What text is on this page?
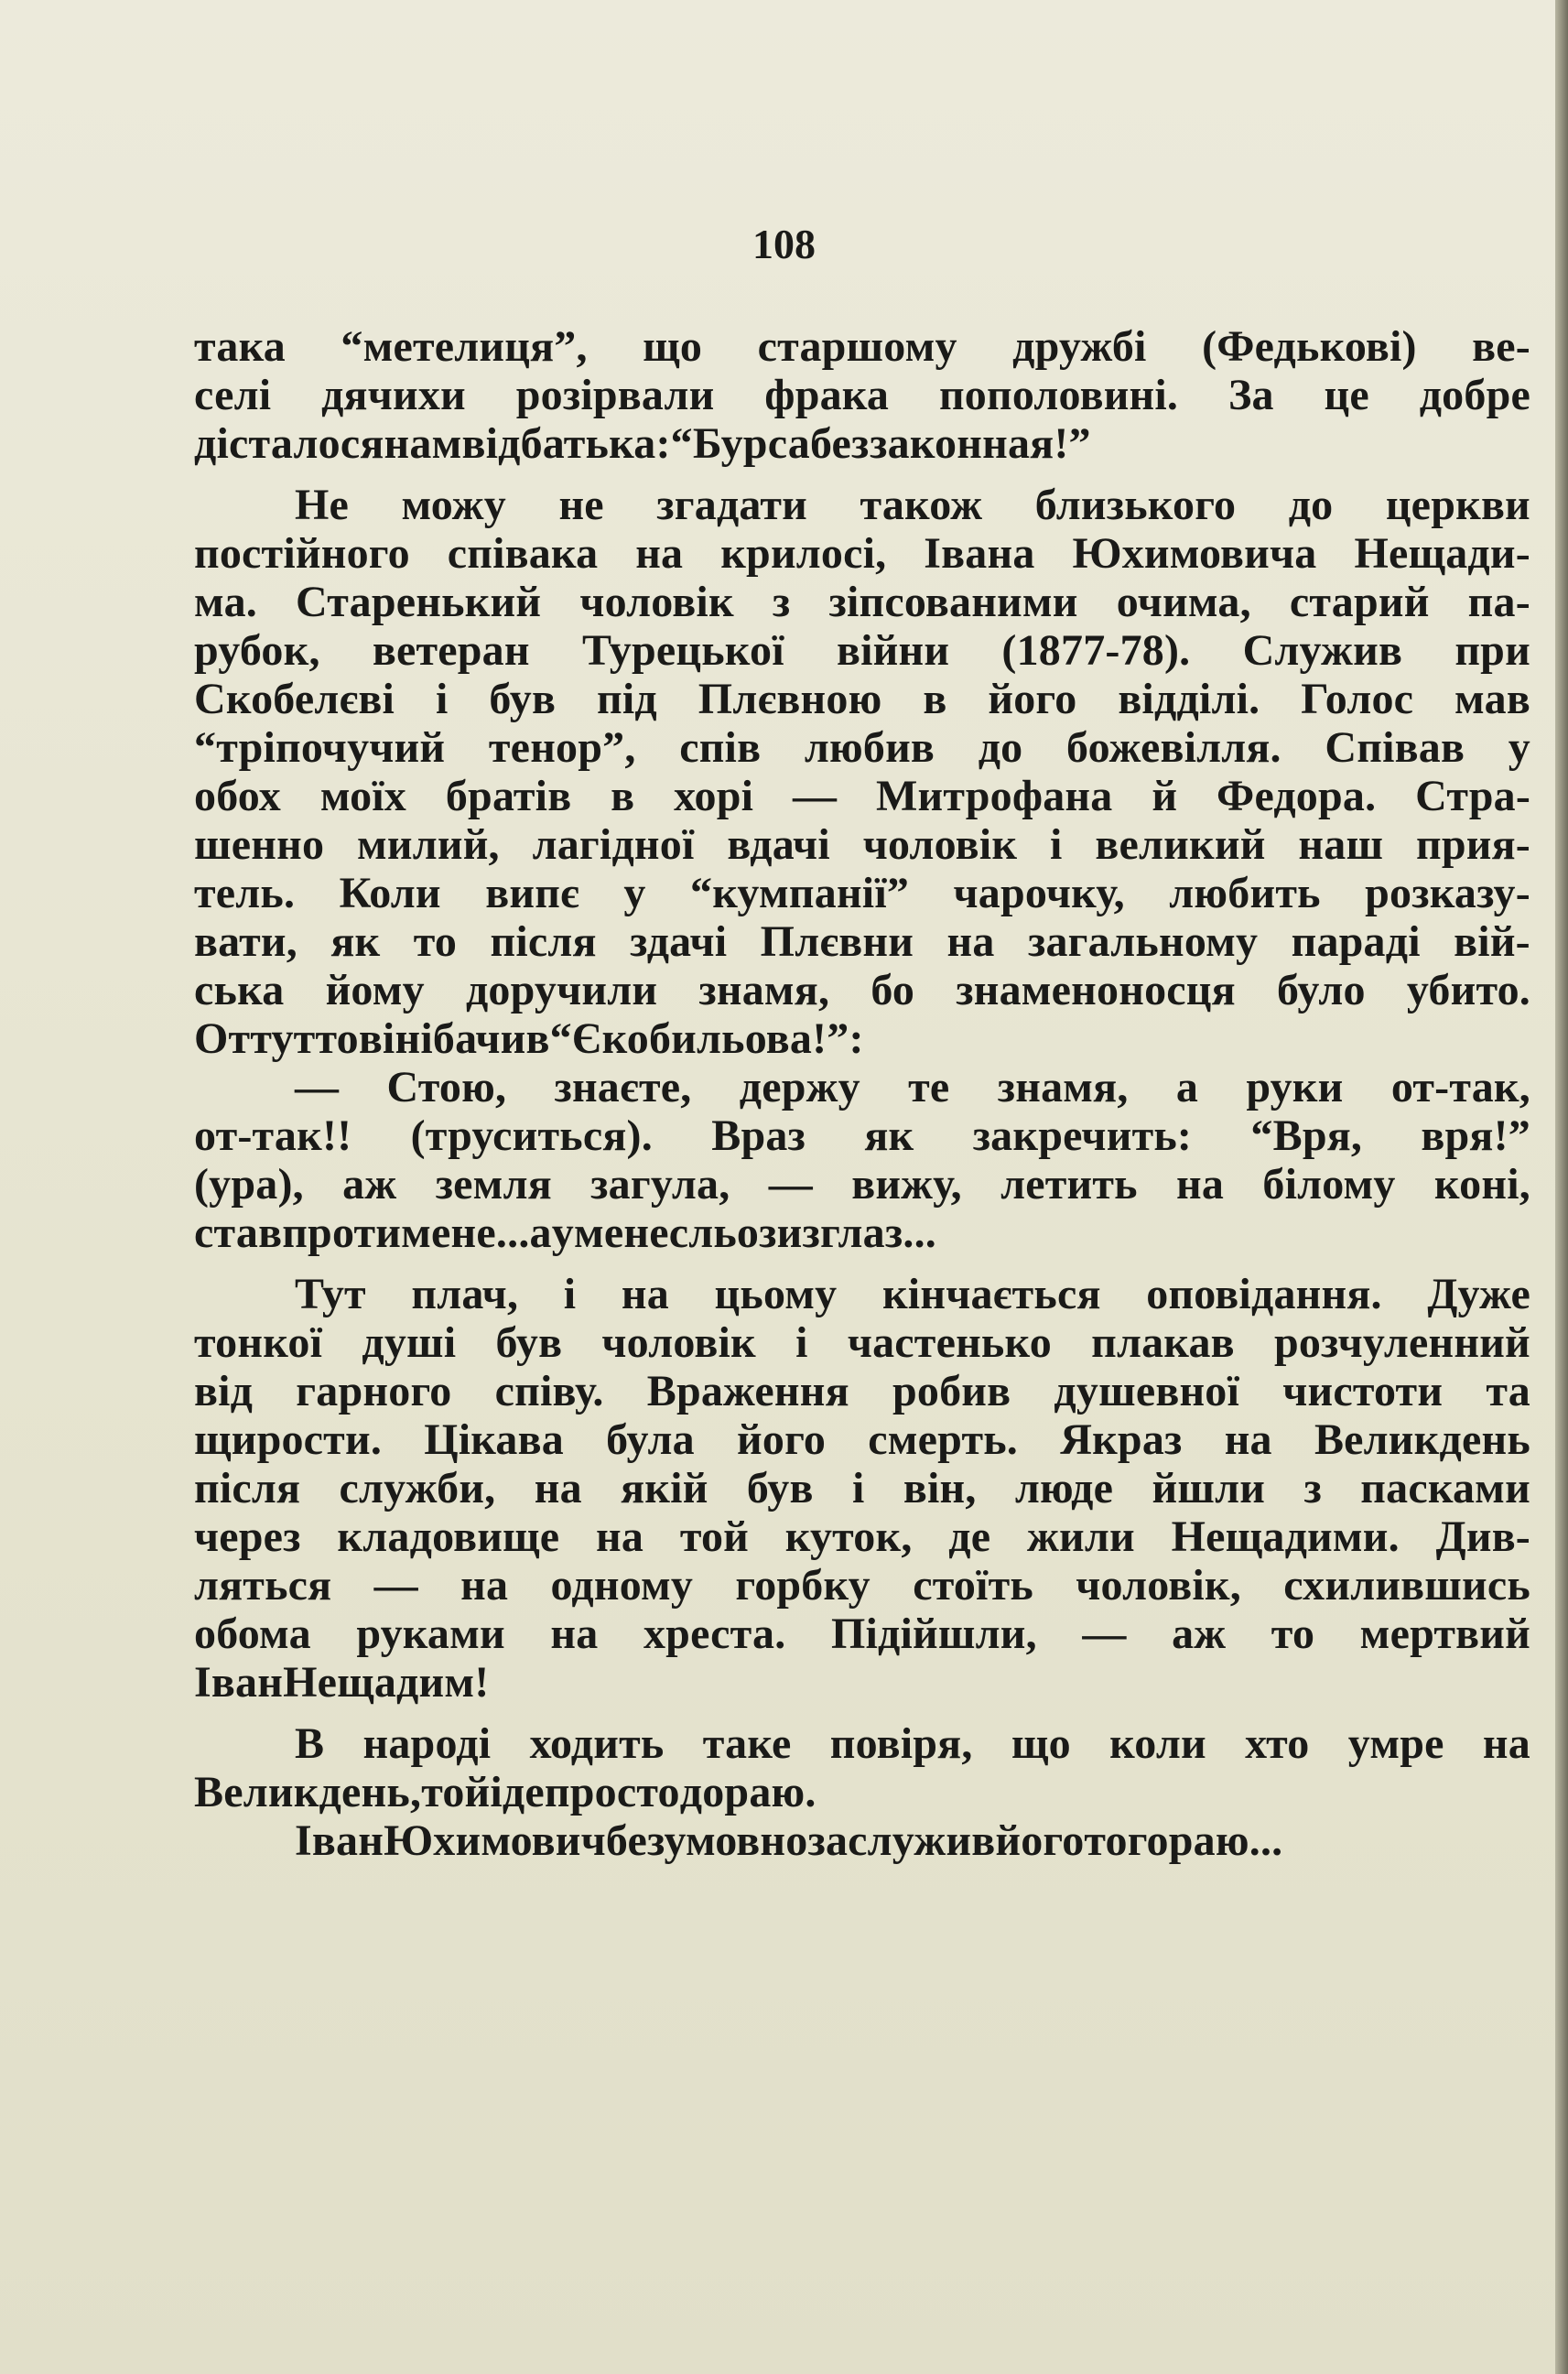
108
така “метелиця”, що старшому дружбі (Федькові) ве-
селі дячихи розірвали фрака пополовині. За це добре
дісталося нам від батька: “Бурса беззаконная!”
Не можу не згадати також близького до церкви
постійного співака на крилосі, Івана Юхимовича Нещади-
ма. Старенький чоловік з зіпсованими очима, старий па-
рубок, ветеран Турецької війни (1877-78). Служив при
Скобелєві і був під Плєвною в його відділі. Голос мав
“тріпочучий тенор”, спів любив до божевілля. Співав у
обох моїх братів в хорі — Митрофана й Федора. Стра-
шенно милий, лагідної вдачі чоловік і великий наш прия-
тель. Коли випє у “кумпанії” чарочку, любить розказу-
вати, як то після здачі Плєвни на загальному параді вій-
ська йому доручили знамя, бо знаменоносця було убито.
От тут то він і бачив “Єкобильова!”:
— Стою, знаєте, держу те знамя, а руки от-так,
от-так!! (труситься). Враз як закречить: “Вря, вря!”
(ура), аж земля загула, — вижу, летить на білому коні,
став проти мене . . . а у мене сльози з глаз . . .
Тут плач, і на цьому кінчається оповідання. Дуже
тонкої душі був чоловік і частенько плакав розчуленний
від гарного співу. Враження робив душевної чистоти та
щирости. Цікава була його смерть. Якраз на Великдень
після служби, на якій був і він, люде йшли з пасками
через кладовище на той куток, де жили Нещадими. Див-
ляться — на одному горбку стоїть чоловік, схилившись
обома руками на хреста. Підійшли, — аж то мертвий
Іван Нещадим!
В народі ходить таке повіря, що коли хто умре на
Великдень, той іде просто до раю.
Іван Юхимович безумовно заслужив його того раю...
